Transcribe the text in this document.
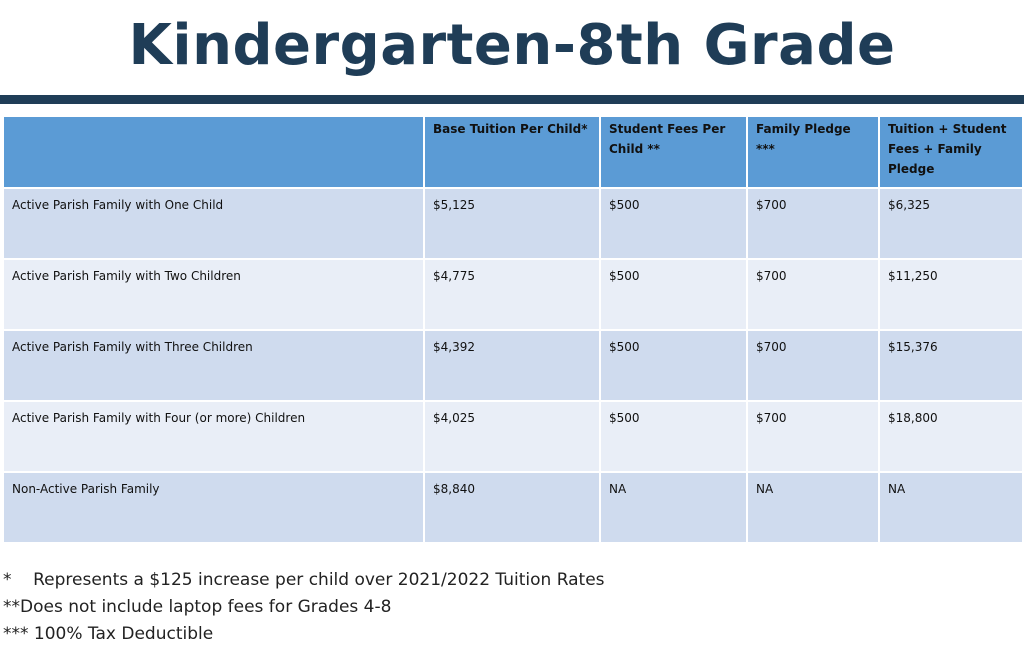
Kindergarten-8th Grade
	Base Tuition Per Child*	Student Fees Per Child **	Family Pledge ***	Tuition + Student Fees + Family Pledge
Active Parish Family with One Child	$5,125	$500	$700	$6,325
Active Parish Family with Two Children	$4,775	$500	$700	$11,250
Active Parish Family with Three Children	$4,392	$500	$700	$15,376
Active Parish Family with Four (or more) Children	$4,025	$500	$700	$18,800
Non-Active Parish Family	$8,840	NA	NA	NA
*    Represents a $125 increase per child over 2021/2022 Tuition Rates
**Does not include laptop fees for Grades 4-8
*** 100% Tax Deductible
